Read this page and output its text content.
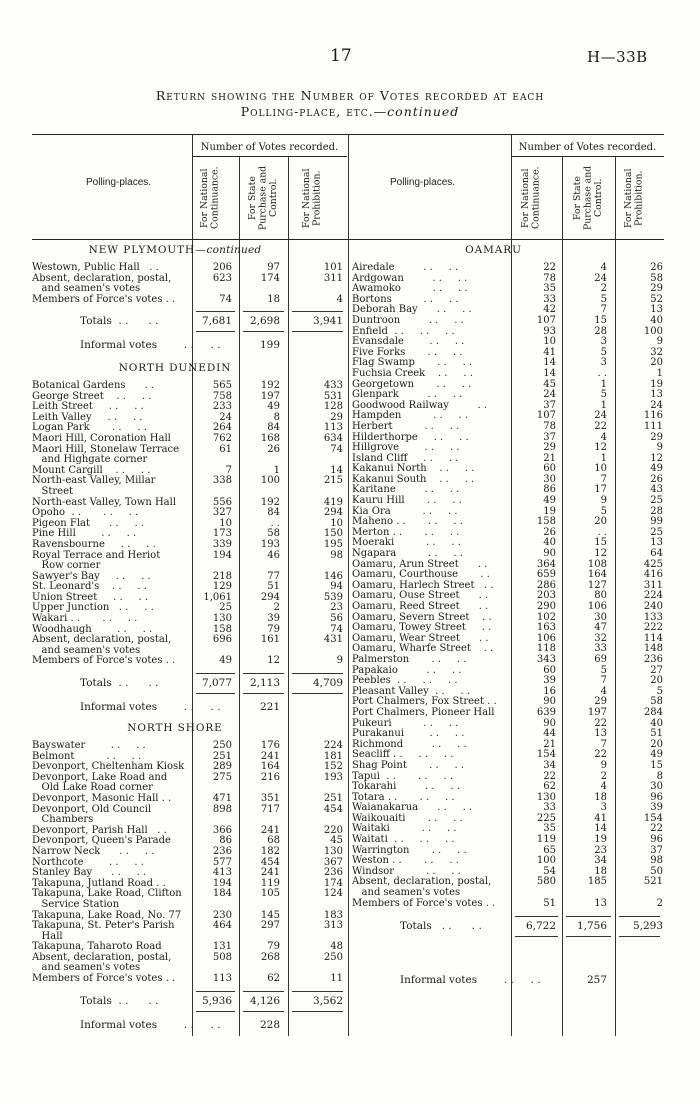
17	H—33B
Return showing the Number of Votes recorded at each
Polling-place, etc.—continued
Polling-places.
Number of Votes recorded.
For National Continuance.	For State Purchase and Control. For National Prohibition.	Polling-places.
Number of Votes recorded.
For National Continuance.	For State Purchase and Control. For National Prohibition.
NEW PLYMOUTH—continued
Westown, Public Hall   . .	206	97	101
Absent, declaration, postal,	623	174	311
and seamen's votes
Members of Force's votes . .	74	18	4
Totals  . .      . .	7,681	2,698	3,941
Informal votes        . .     . .	199
NORTH DUNEDIN
Botanical Gardens      . .	565	192	433
George Street    . .     . .	758	197	531
Leith Street     . .     . .	233	49	128
Leith Valley     . .     . .	24	8	29
Logan Park       . .     . .	264	84	113
Maori Hill, Coronation Hall	762	168	634
Maori Hill, Stonelaw Terrace	61	26	74
and Highgate corner
Mount Cargill    . .     . .	7	1	14
North-east Valley, Millar	338	100	215
Street
North-east Valley, Town Hall	556	192	419
Opoho  . .       . .     . .	327	84	294
Pigeon Flat      . .     . .	10	. .	10
Pine Hill        . .     . .	173	58	150
Ravensbourne     . .     . .	339	193	195
Royal Terrace and Heriot	194	46	98
Row corner
Sawyer's Bay     . .     . .	218	77	146
St. Leonard's    . .     . .	129	51	94
Union Street     . .     . .	1,061	294	539
Upper Junction   . .     . .	25	2	23
Wakari . .       . .     . .	130	39	56
Woodhaugh        . .     . .	158	79	74
Absent, declaration, postal,	696	161	431
and seamen's votes
Members of Force's votes . .	49	12	9
Totals  . .      . .	7,077	2,113	4,709
Informal votes        . .     . .	221
NORTH SHORE
Bayswater        . .     . .	250	176	224
Belmont          . .     . .	251	241	181
Devonport, Cheltenham Kiosk	289	164	152
Devonport, Lake Road and	275	216	193
Old Lake Road corner
Devonport, Masonic Hall . .	471	351	251
Devonport, Old Council	898	717	454
Chambers
Devonport, Parish Hall   . .	366	241	220
Devonport, Queen's Parade	86	68	45
Narrow Neck      . .     . .	236	182	130
Northcote        . .     . .	577	454	367
Stanley Bay      . .     . .	413	241	236
Takapuna, Jutland Road . .	194	119	174
Takapuna, Lake Road, Clifton	184	105	124
Service Station
Takapuna, Lake Road, No. 77	230	145	183
Takapuna, St. Peter's Parish	464	297	313
Hall
Takapuna, Taharoto Road	131	79	48
Absent, declaration, postal,	508	268	250
and seamen's votes
Members of Force's votes . .	113	62	11
Totals  . .      . .	5,936	4,126	3,562
Informal votes        . .     . .	228
OAMARU
Airedale         . .     . .	22	4	26
Ardgowan         . .     . .	78	24	58
Awamoko          . .     . .	35	2	29
Bortons          . .     . .	33	5	52
Deborah Bay      . .     . .	42	7	13
Duntroon         . .     . .	107	15	40
Enfield  . .     . .     . .	93	28	100
Evansdale        . .     . .	10	3	9
Five Forks       . .     . .	41	5	32
Flag Swamp       . .     . .	14	3	20
Fuchsia Creek    . .     . .	14	. .	1
Georgetown       . .     . .	45	1	19
Glenpark         . .     . .	24	5	13
Goodwood Railway         . .	37	1	24
Hampden          . .     . .	107	24	116
Herbert          . .     . .	78	22	111
Hilderthorpe     . .     . .	37	4	29
Hillgrove        . .     . .	29	12	9
Island Cliff     . .     . .	21	1	12
Kakanui North    . .     . .	60	10	49
Kakanui South    . .     . .	30	7	26
Karitane         . .     . .	86	17	43
Kauru Hill       . .     . .	49	9	25
Kia Ora          . .     . .	19	5	28
Maheno . .       . .     . .	158	20	99
Merton . .       . .     . .	26	. .	25
Moeraki          . .     . .	40	15	13
Ngapara          . .     . .	90	12	64
Oamaru, Arun Street      . .	364	108	425
Oamaru, Courthouse       . .	659	164	416
Oamaru, Harlech Street   . .	286	127	311
Oamaru, Ouse Street      . .	203	80	224
Oamaru, Reed Street      . .	290	106	240
Oamaru, Severn Street    . .	102	30	133
Oamaru, Towey Street     . .	163	47	222
Oamaru, Wear Street      . .	106	32	114
Oamaru, Wharfe Street    . .	118	33	148
Palmerston       . .     . .	343	69	236
Papakaio         . .     . .	60	5	27
Peebles  . .     . .     . .	39	7	20
Pleasant Valley  . .     . .	16	4	5
Port Chalmers, Fox Street . .	90	29	58
Port Chalmers, Pioneer Hall	639	197	284
Pukeuri          . .     . .	90	22	40
Purakanui        . .     . .	44	13	51
Richmond         . .     . .	21	7	20
Seacliff . .     . .     . .	154	22	49
Shag Point       . .     . .	34	9	15
Tapui  . .       . .     . .	22	2	8
Tokarahi         . .     . .	62	4	30
Totara . .       . .     . .	130	18	96
Waianakarua      . .     . .	33	3	39
Waikouaiti       . .     . .	225	41	154
Waitaki          . .     . .	35	14	22
Waitati  . .     . .     . .	119	19	96
Warrington       . .     . .	65	23	37
Weston . .       . .     . .	100	34	98
Windsor          . .     . .	54	18	50
Absent, declaration, postal,	580	185	521
and seamen's votes
Members of Force's votes . .	51	13	2
Totals   . .      . .	6,722	1,756	5,293
Informal votes        . .     . .	257
